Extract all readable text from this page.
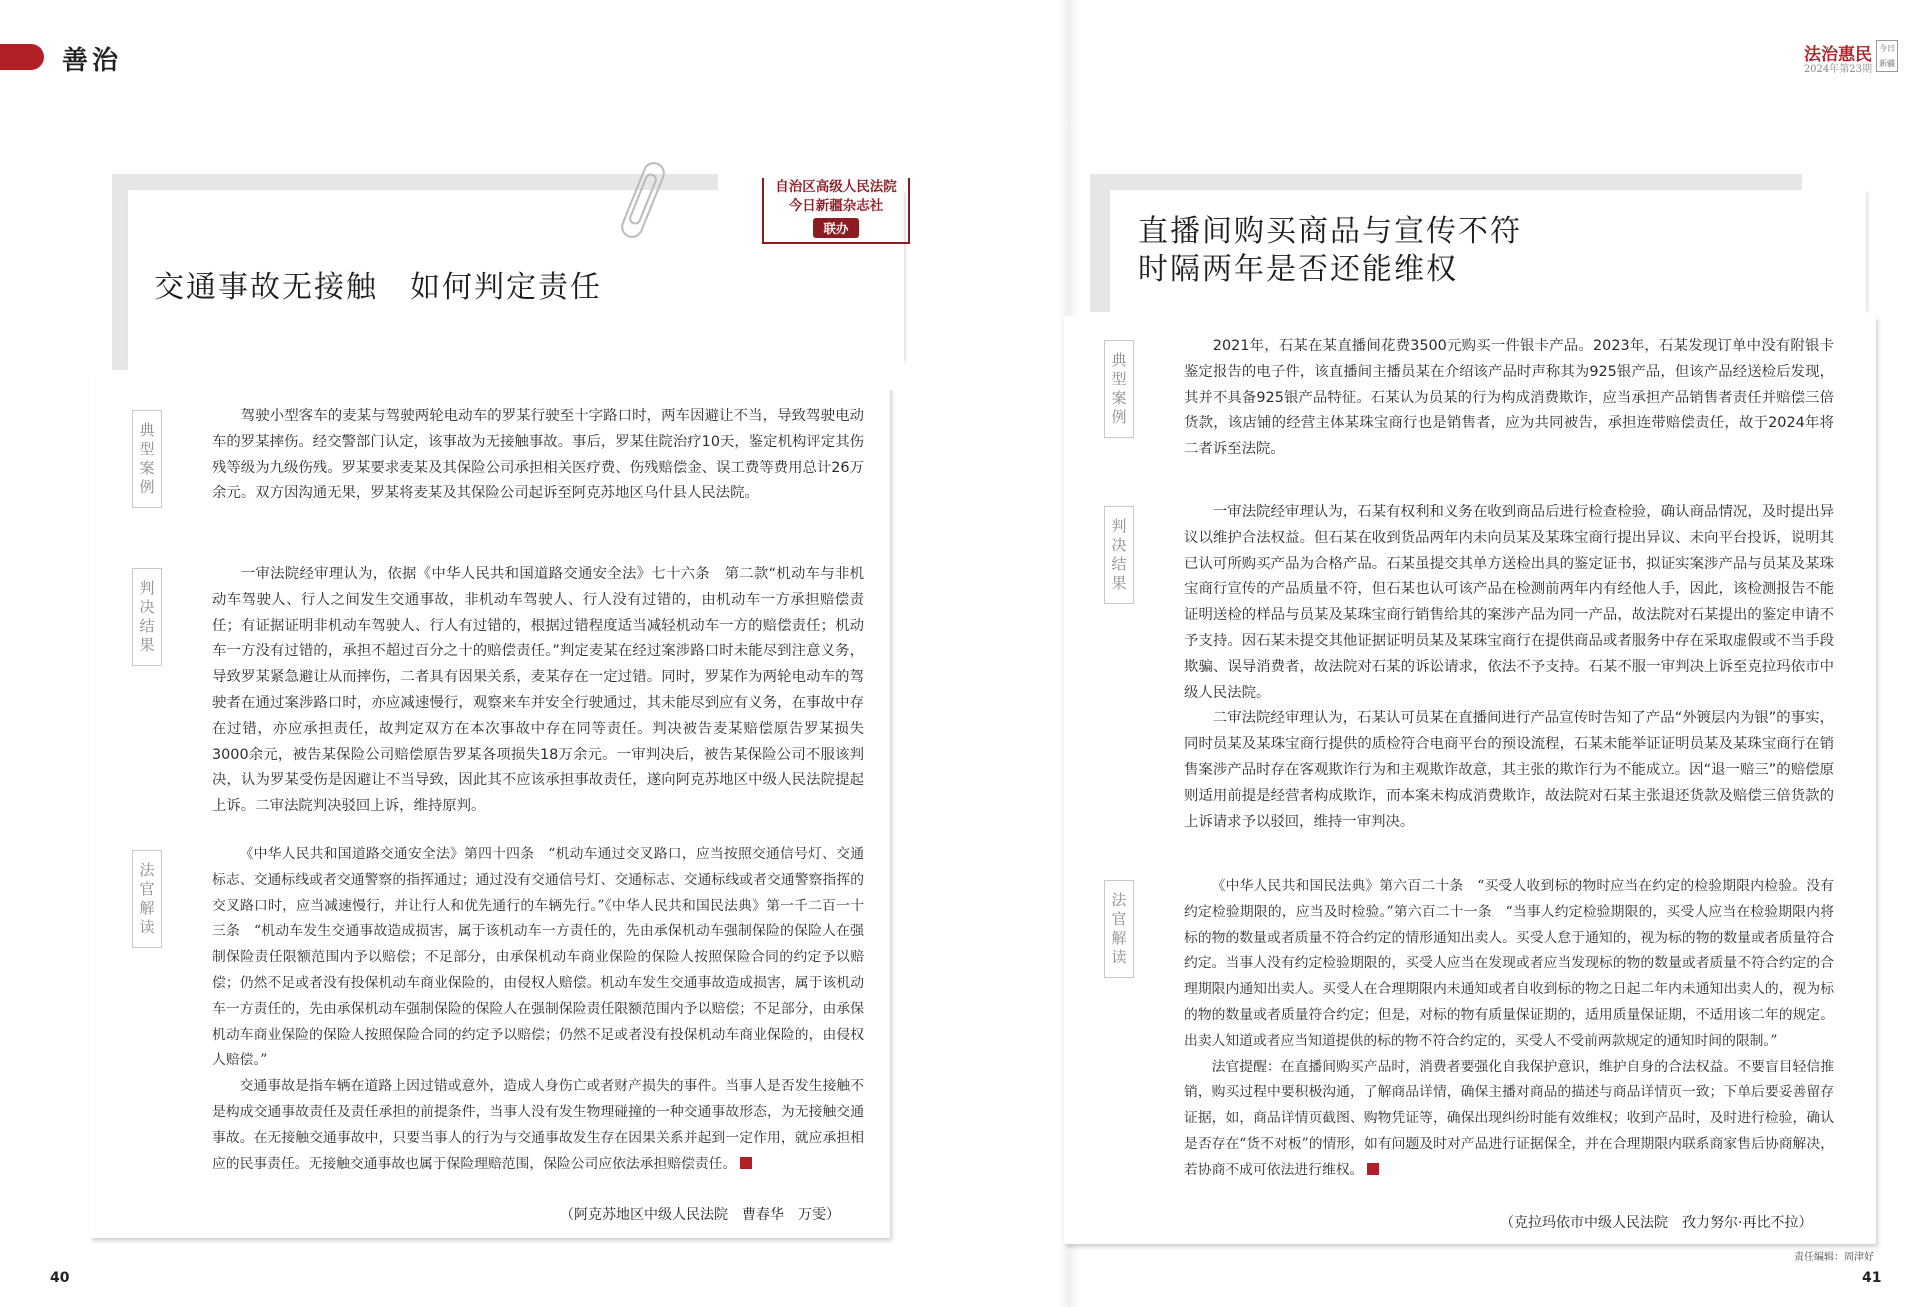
善治	法治惠民
2024年第23期
今日新疆
交通事故无接触　如何判定责任
自治区高级人民法院
今日新疆杂志社
联办
典型案例

驾驶小型客车的麦某与驾驶两轮电动车的罗某行驶至十字路口时，两车因避让不当，导致驾驶电动车的罗某摔伤。经交警部门认定，该事故为无接触事故。事后，罗某住院治疗10天，鉴定机构评定其伤残等级为九级伤残。罗某要求麦某及其保险公司承担相关医疗费、伤残赔偿金、误工费等费用总计26万余元。双方因沟通无果，罗某将麦某及其保险公司起诉至阿克苏地区乌什县人民法院。

判决结果

一审法院经审理认为，依据《中华人民共和国道路交通安全法》七十六条　第二款“机动车与非机动车驾驶人、行人之间发生交通事故，非机动车驾驶人、行人没有过错的，由机动车一方承担赔偿责任；有证据证明非机动车驾驶人、行人有过错的，根据过错程度适当减轻机动车一方的赔偿责任；机动车一方没有过错的，承担不超过百分之十的赔偿责任。”判定麦某在经过案涉路口时未能尽到注意义务，导致罗某紧急避让从而摔伤，二者具有因果关系，麦某存在一定过错。同时，罗某作为两轮电动车的驾驶者在通过案涉路口时，亦应减速慢行，观察来车并安全行驶通过，其未能尽到应有义务，在事故中存在过错，亦应承担责任，故判定双方在本次事故中存在同等责任。判决被告麦某赔偿原告罗某损失3000余元，被告某保险公司赔偿原告罗某各项损失18万余元。一审判决后，被告某保险公司不服该判决，认为罗某受伤是因避让不当导致，因此其不应该承担事故责任，遂向阿克苏地区中级人民法院提起上诉。二审法院判决驳回上诉，维持原判。

法官解读

《中华人民共和国道路交通安全法》第四十四条　“机动车通过交叉路口，应当按照交通信号灯、交通标志、交通标线或者交通警察的指挥通过；通过没有交通信号灯、交通标志、交通标线或者交通警察指挥的交叉路口时，应当减速慢行，并让行人和优先通行的车辆先行。”《中华人民共和国民法典》第一千二百一十三条　“机动车发生交通事故造成损害，属于该机动车一方责任的，先由承保机动车强制保险的保险人在强制保险责任限额范围内予以赔偿；不足部分，由承保机动车商业保险的保险人按照保险合同的约定予以赔偿；仍然不足或者没有投保机动车商业保险的，由侵权人赔偿。机动车发生交通事故造成损害，属于该机动车一方责任的，先由承保机动车强制保险的保险人在强制保险责任限额范围内予以赔偿；不足部分，由承保机动车商业保险的保险人按照保险合同的约定予以赔偿；仍然不足或者没有投保机动车商业保险的，由侵权人赔偿。”

交通事故是指车辆在道路上因过错或意外，造成人身伤亡或者财产损失的事件。当事人是否发生接触不是构成交通事故责任及责任承担的前提条件，当事人没有发生物理碰撞的一种交通事故形态，为无接触交通事故。在无接触交通事故中，只要当事人的行为与交通事故发生存在因果关系并起到一定作用，就应承担相应的民事责任。无接触交通事故也属于保险理赔范围，保险公司应依法承担赔偿责任。

（阿克苏地区中级人民法院　曹春华　万雯）
40
直播间购买商品与宣传不符
时隔两年是否还能维权
典型案例

2021年，石某在某直播间花费3500元购买一件银卡产品。2023年，石某发现订单中没有附银卡鉴定报告的电子件，该直播间主播员某在介绍该产品时声称其为925银产品，但该产品经送检后发现，其并不具备925银产品特征。石某认为员某的行为构成消费欺诈，应当承担产品销售者责任并赔偿三倍货款，该店铺的经营主体某珠宝商行也是销售者，应为共同被告，承担连带赔偿责任，故于2024年将二者诉至法院。

判决结果

一审法院经审理认为，石某有权利和义务在收到商品后进行检查检验，确认商品情况，及时提出异议以维护合法权益。但石某在收到货品两年内未向员某及某珠宝商行提出异议、未向平台投诉，说明其已认可所购买产品为合格产品。石某虽提交其单方送检出具的鉴定证书，拟证实案涉产品与员某及某珠宝商行宣传的产品质量不符，但石某也认可该产品在检测前两年内有经他人手，因此，该检测报告不能证明送检的样品与员某及某珠宝商行销售给其的案涉产品为同一产品，故法院对石某提出的鉴定申请不予支持。因石某未提交其他证据证明员某及某珠宝商行在提供商品或者服务中存在采取虚假或不当手段欺骗、误导消费者，故法院对石某的诉讼请求，依法不予支持。石某不服一审判决上诉至克拉玛依市中级人民法院。

二审法院经审理认为，石某认可员某在直播间进行产品宣传时告知了产品“外镀层内为银”的事实，同时员某及某珠宝商行提供的质检符合电商平台的预设流程，石某未能举证证明员某及某珠宝商行在销售案涉产品时存在客观欺诈行为和主观欺诈故意，其主张的欺诈行为不能成立。因“退一赔三”的赔偿原则适用前提是经营者构成欺诈，而本案未构成消费欺诈，故法院对石某主张退还货款及赔偿三倍货款的上诉请求予以驳回，维持一审判决。

法官解读

《中华人民共和国民法典》第六百二十条　“买受人收到标的物时应当在约定的检验期限内检验。没有约定检验期限的，应当及时检验。”第六百二十一条　“当事人约定检验期限的，买受人应当在检验期限内将标的物的数量或者质量不符合约定的情形通知出卖人。买受人怠于通知的，视为标的物的数量或者质量符合约定。当事人没有约定检验期限的，买受人应当在发现或者应当发现标的物的数量或者质量不符合约定的合理期限内通知出卖人。买受人在合理期限内未通知或者自收到标的物之日起二年内未通知出卖人的，视为标的物的数量或者质量符合约定；但是，对标的物有质量保证期的，适用质量保证期，不适用该二年的规定。出卖人知道或者应当知道提供的标的物不符合约定的，买受人不受前两款规定的通知时间的限制。”

法官提醒：在直播间购买产品时，消费者要强化自我保护意识，维护自身的合法权益。不要盲目轻信推销，购买过程中要积极沟通，了解商品详情，确保主播对商品的描述与商品详情页一致；下单后要妥善留存证据，如，商品详情页截图、购物凭证等，确保出现纠纷时能有效维权；收到产品时，及时进行检验，确认是否存在“货不对板”的情形，如有问题及时对产品进行证据保全，并在合理期限内联系商家售后协商解决，若协商不成可依法进行维权。

（克拉玛依市中级人民法院　孜力努尔·再比不拉）
责任编辑：周津好
41
